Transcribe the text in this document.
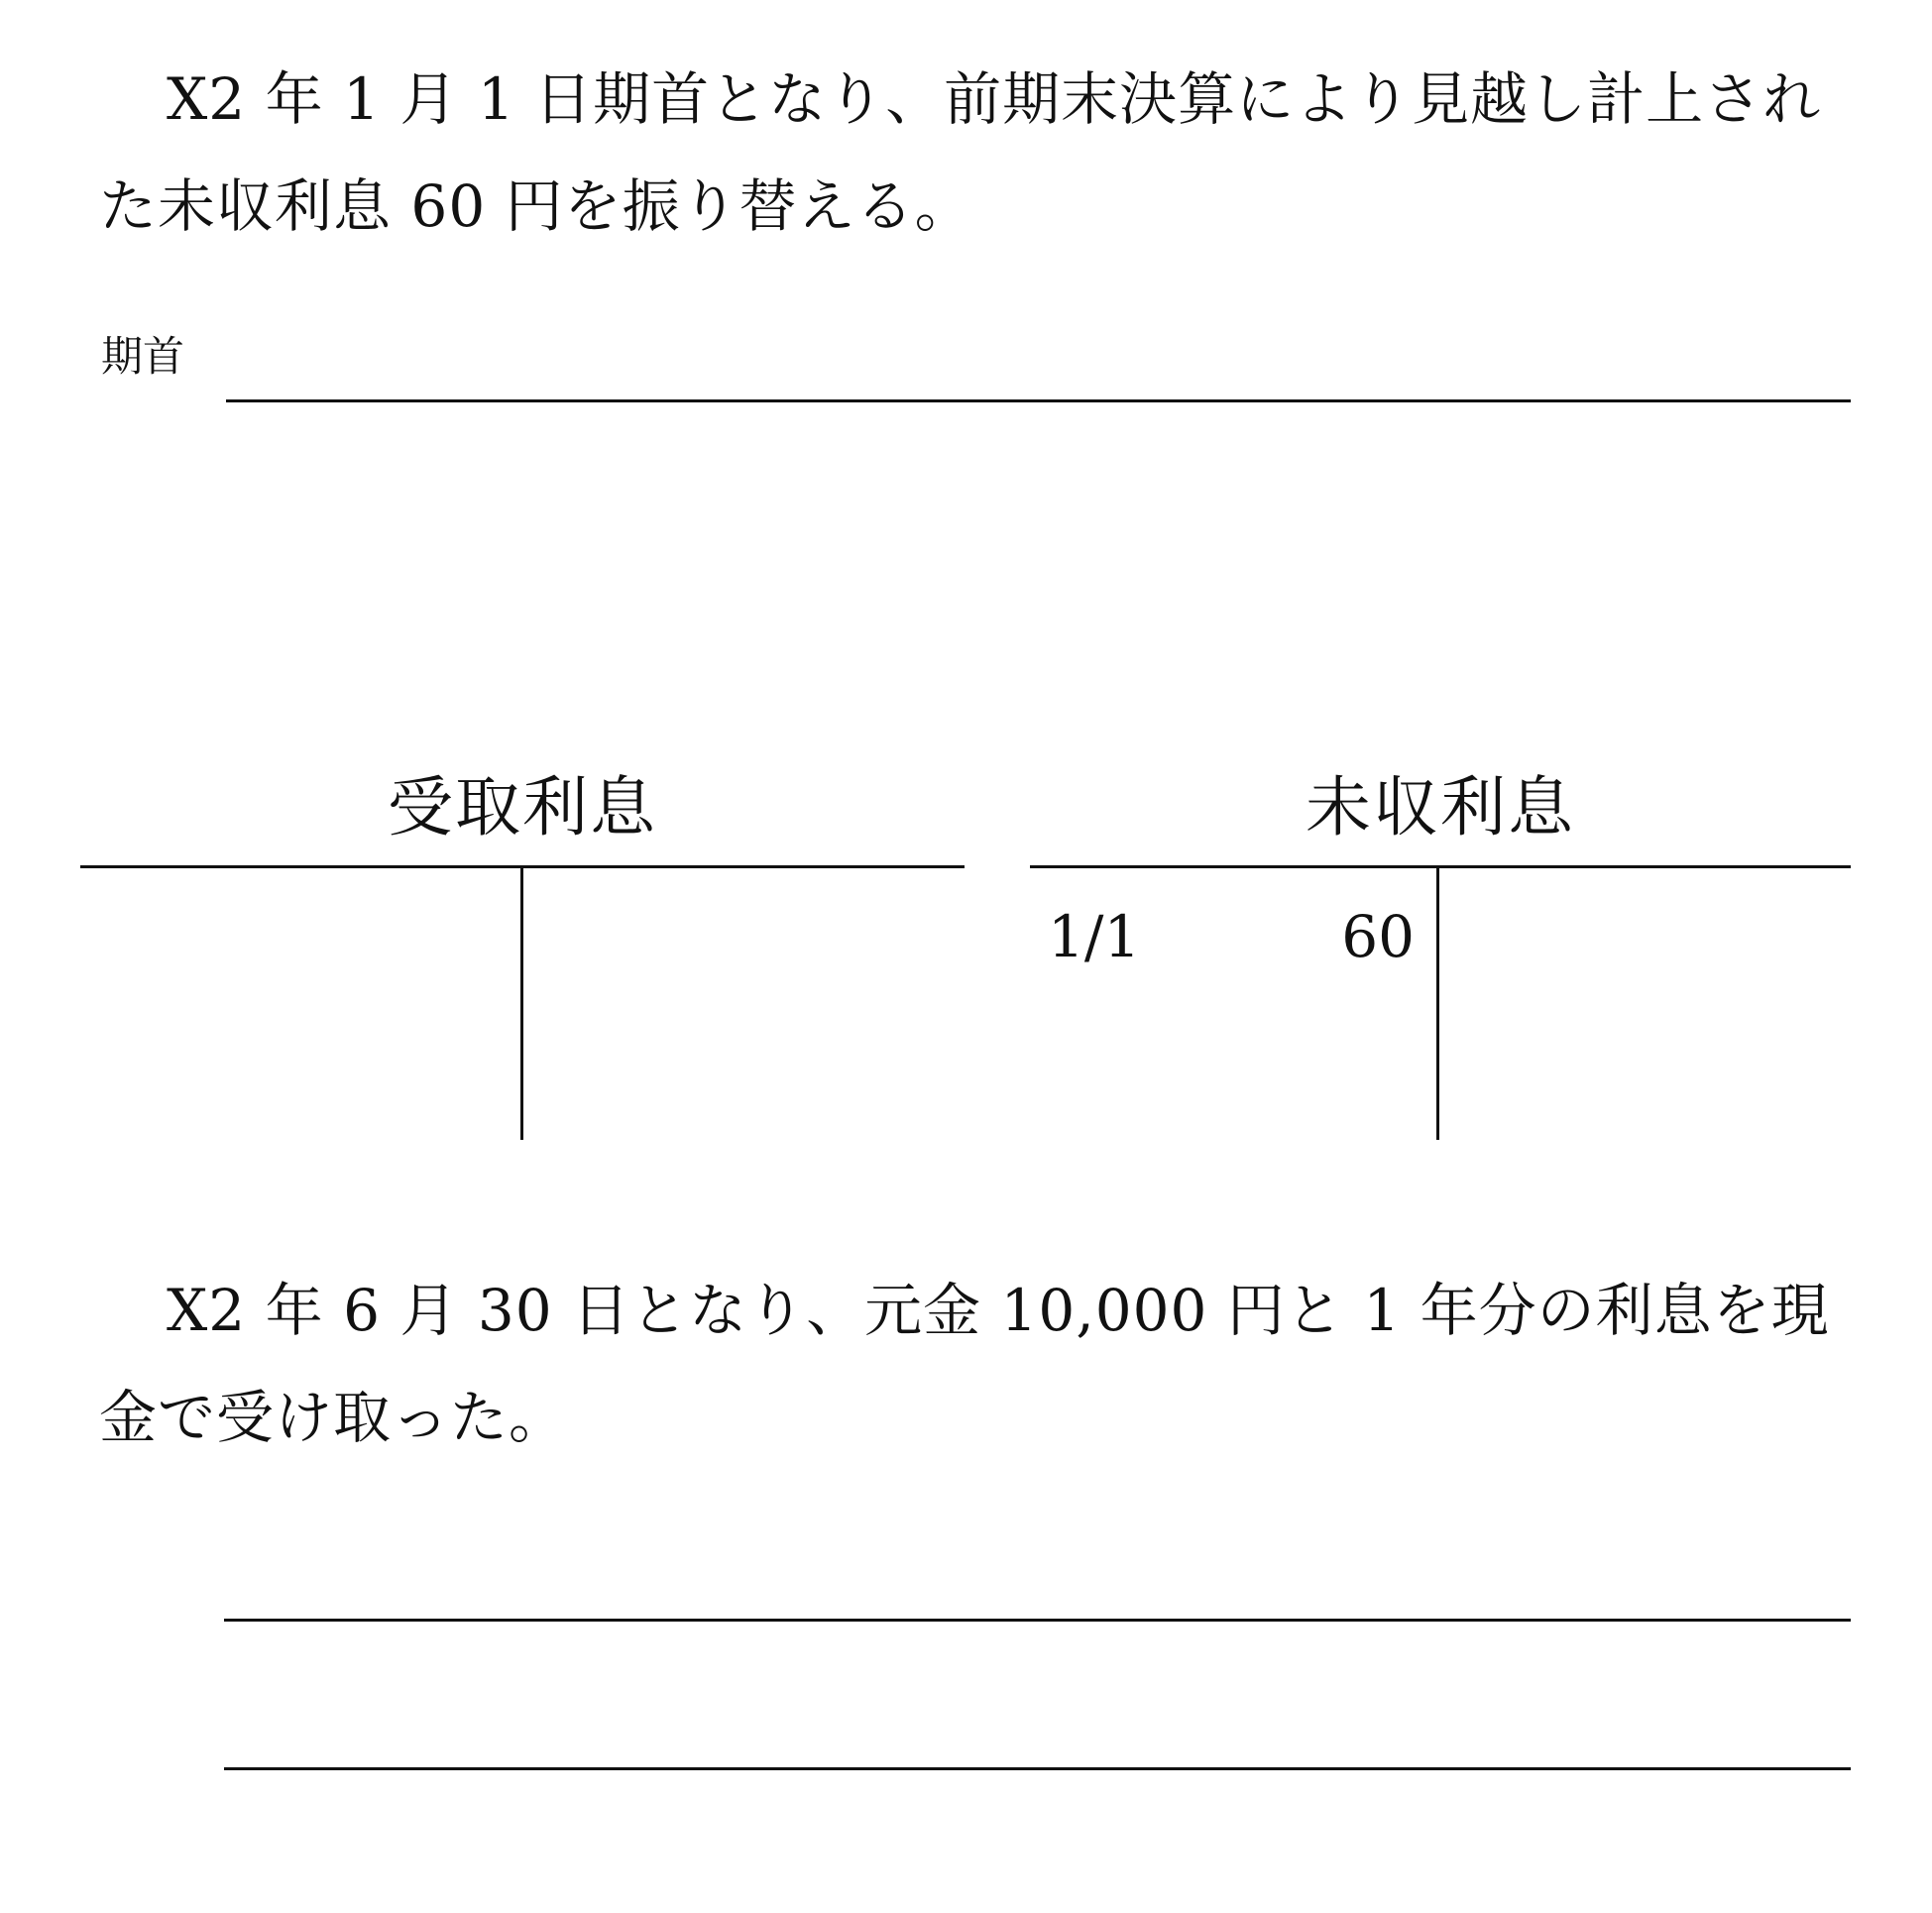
X2 年 1 月 1 日期首となり、前期末決算により見越し計上された未収利息 60 円を振り替える。

期首
受取利息	未収利息
1/1	60

X2 年 6 月 30 日となり、元金 10,000 円と 1 年分の利息を現金で受け取った。
